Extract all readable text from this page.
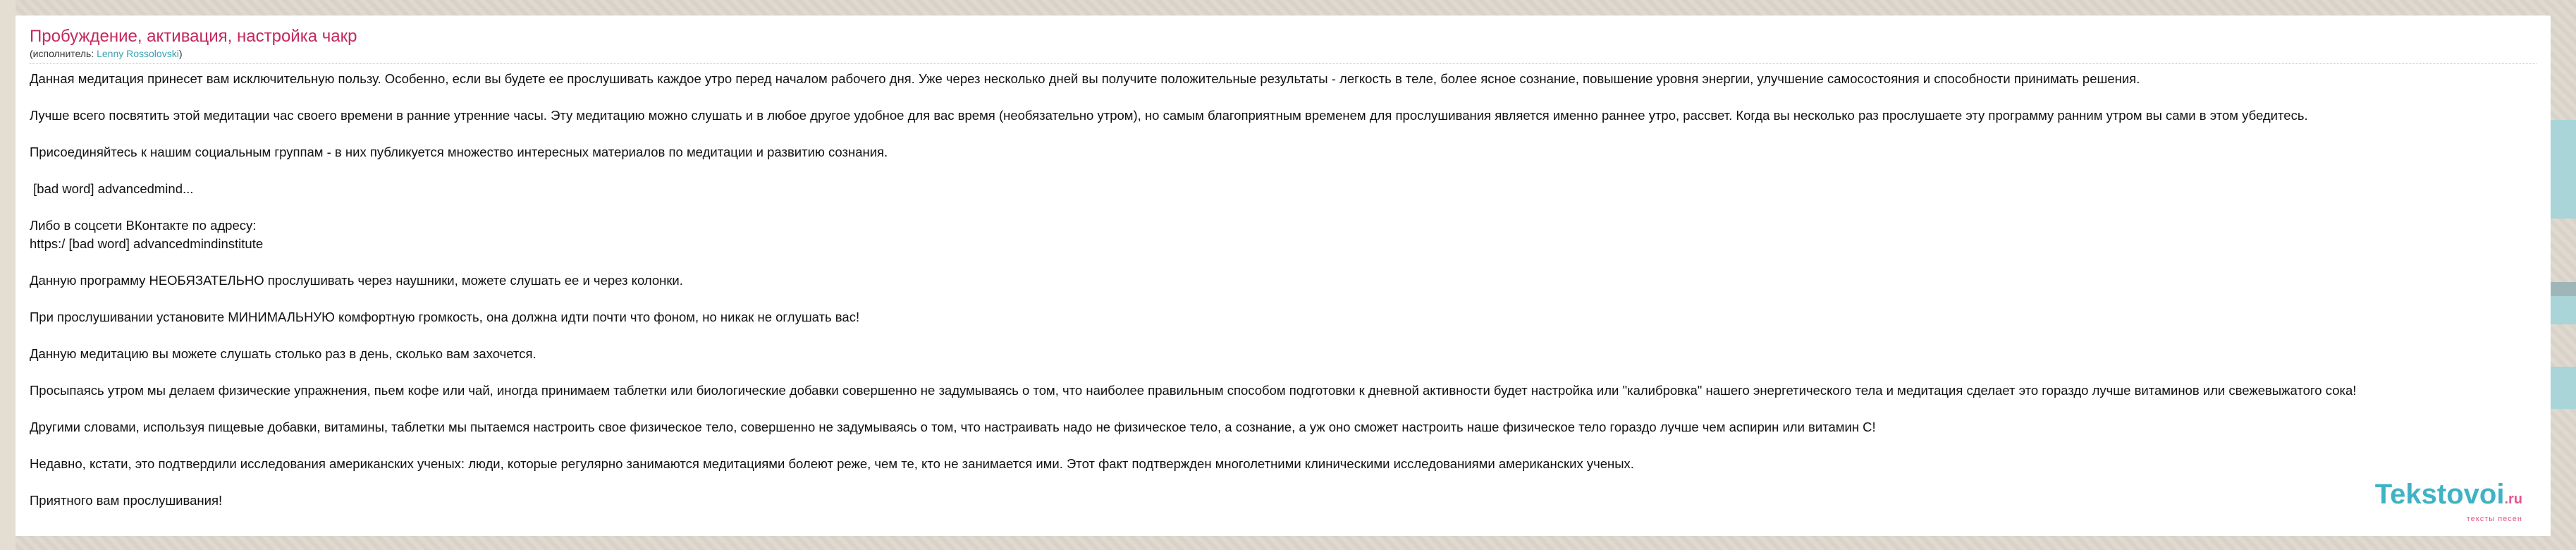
Пробуждение, активация, настройка чакр
(исполнитель: Lenny Rossolovski)

Данная медитация принесет вам исключительную пользу. Особенно, если вы будете ее прослушивать каждое утро перед началом рабочего дня. Уже через несколько дней вы получите положительные результаты - легкость в теле, более ясное сознание, повышение уровня энергии, улучшение самосостояния и способности принимать решения.

Лучше всего посвятить этой медитации час своего времени в ранние утренние часы. Эту медитацию можно слушать и в любое другое удобное для вас время (необязательно утром), но самым благоприятным временем для прослушивания является именно раннее утро, рассвет. Когда вы несколько раз прослушаете эту программу ранним утром вы сами в этом убедитесь.

Присоединяйтесь к нашим социальным группам - в них публикуется множество интересных материалов по медитации и развитию сознания.

[bad word] advancedmind...

Либо в соцсети ВКонтакте по адресу:

https:/ [bad word] advancedmindinstitute

Данную программу НЕОБЯЗАТЕЛЬНО прослушивать через наушники, можете слушать ее и через колонки.

При прослушивании установите МИНИМАЛЬНУЮ комфортную громкость, она должна идти почти что фоном, но никак не оглушать вас!

Данную медитацию вы можете слушать столько раз в день, сколько вам захочется.

Просыпаясь утром мы делаем физические упражнения, пьем кофе или чай, иногда принимаем таблетки или биологические добавки совершенно не задумываясь о том, что наиболее правильным способом подготовки к дневной активности будет настройка или "калибровка" нашего энергетического тела и медитация сделает это гораздо лучше витаминов или свежевыжатого сока!

Другими словами, используя пищевые добавки, витамины, таблетки мы пытаемся настроить свое физическое тело, совершенно не задумываясь о том, что настраивать надо не физическое тело, а сознание, а уж оно сможет настроить наше физическое тело гораздо лучше чем аспирин или витамин С!

Недавно, кстати, это подтвердили исследования американских ученых: люди, которые регулярно занимаются медитациями болеют реже, чем те, кто не занимается ими. Этот факт подтвержден многолетними клиническими исследованиями американских ученых.

Приятного вам прослушивания!	Tekstovoi.ru
тексты песен
